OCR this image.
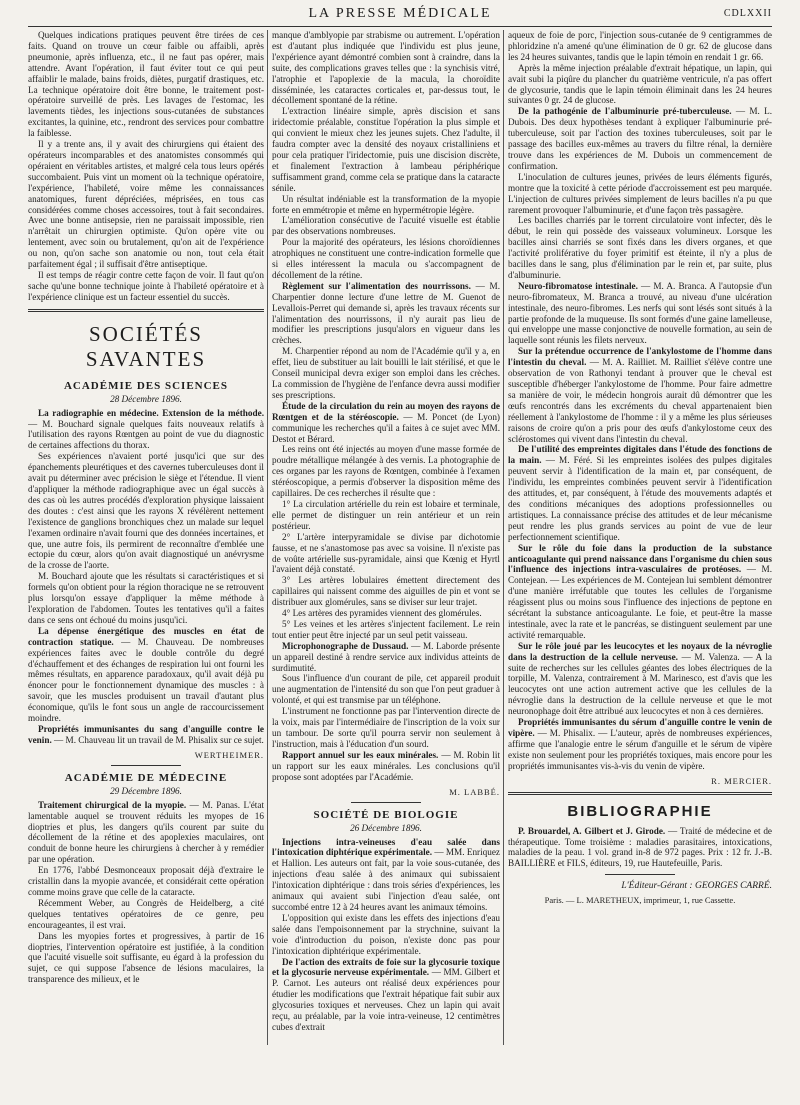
LA PRESSE MÉDICALE	CDLXXII

Quelques indications pratiques peuvent être tirées de ces faits. Quand on trouve un cœur faible ou affaibli, après pneumonie, après influenza, etc., il ne faut pas opérer, mais attendre. Avant l'opération, il faut éviter tout ce qui peut affaiblir le malade, bains froids, diètes, purgatif drastiques, etc. La technique opératoire doit être bonne, le traitement post-opératoire surveillé de près. Les lavages de l'estomac, les lavements tièdes, les injections sous-cutanées de substances excitantes, la quinine, etc., rendront des services pour combattre la faiblesse.

Il y a trente ans, il y avait des chirurgiens qui étaient des opérateurs incomparables et des anatomistes consommés qui opéraient en véritables artistes, et malgré cela tous leurs opérés succombaient. Puis vint un moment où la technique opératoire, l'expérience, l'habileté, voire même les connaissances anatomiques, furent dépréciées, méprisées, en tous cas considérées comme choses accessoires, tout à fait secondaires. Avec une bonne antisepsie, rien ne paraissait impossible, rien n'arrêtait un chirurgien optimiste. Qu'on opère vite ou lentement, avec soin ou brutalement, qu'on ait de l'expérience ou non, qu'on sache son anatomie ou non, tout cela était parfaitement égal ; il suffisait d'être antiseptique.

Il est temps de réagir contre cette façon de voir. Il faut qu'on sache qu'une bonne technique jointe à l'habileté opératoire et à l'expérience clinique est un facteur essentiel du succès.

SOCIÉTÉS SAVANTES
ACADÉMIE DES SCIENCES
28 Décembre 1896.

La radiographie en médecine. Extension de la méthode. — M. Bouchard signale quelques faits nouveaux relatifs à l'utilisation des rayons Rœntgen au point de vue du diagnostic de certaines affections du thorax.

Ses expériences n'avaient porté jusqu'ici que sur des épanchements pleurétiques et des cavernes tuberculeuses dont il avait pu déterminer avec précision le siège et l'étendue. Il vient d'appliquer la méthode radiographique avec un égal succès à des cas où les autres procédés d'exploration physique laissaient des doutes : c'est ainsi que les rayons X révélèrent nettement l'existence de ganglions bronchiques chez un malade sur lequel l'examen ordinaire n'avait fourni que des données incertaines, et que, une autre fois, ils permirent de reconnaître d'emblée une ectopie du cœur, alors qu'on avait diagnostiqué un anévrysme de la crosse de l'aorte.

M. Bouchard ajoute que les résultats si caractéristiques et si formels qu'on obtient pour la région thoracique ne se retrouvent plus lorsqu'on essaye d'appliquer la même méthode à l'exploration de l'abdomen. Toutes les tentatives qu'il a faites dans ce sens ont échoué du moins jusqu'ici.

La dépense énergétique des muscles en état de contraction statique. — M. Chauveau. De nombreuses expériences faites avec le double contrôle du degré d'échauffement et des échanges de respiration lui ont fourni les mêmes résultats, en apparence paradoxaux, qu'il avait déjà pu énoncer pour le fonctionnement dynamique des muscles : à savoir, que les muscles produisent un travail d'autant plus économique, qu'ils le font sous un angle de raccourcissement moindre.

Propriétés immunisantes du sang d'anguille contre le venin. — M. Chauveau lit un travail de M. Phisalix sur ce sujet.

WERTHEIMER.
ACADÉMIE DE MÉDECINE
29 Décembre 1896.

Traitement chirurgical de la myopie. — M. Panas. L'état lamentable auquel se trouvent réduits les myopes de 16 dioptries et plus, les dangers qu'ils courent par suite du décollement de la rétine et des apoplexies maculaires, ont conduit de bonne heure les chirurgiens à chercher à y remédier par une opération.

En 1776, l'abbé Desmonceaux proposait déjà d'extraire le cristallin dans la myopie avancée, et considérait cette opération comme moins grave que celle de la cataracte.

Récemment Weber, au Congrès de Heidelberg, a cité quelques tentatives opératoires de ce genre, peu encourageantes, il est vrai.

Dans les myopies fortes et progressives, à partir de 16 dioptries, l'intervention opératoire est justifiée, à la condition que l'acuité visuelle soit suffisante, eu égard à la profession du sujet, ce qui suppose l'absence de lésions maculaires, la transparence des milieux, et le

manque d'amblyopie par strabisme ou autrement. L'opération est d'autant plus indiquée que l'individu est plus jeune, l'expérience ayant démontré combien sont à craindre, dans la suite, des complications graves telles que : la synchisis vitré, l'atrophie et l'apoplexie de la macula, la choroïdite disséminée, les cataractes corticales et, par-dessus tout, le décollement spontané de la rétine.

L'extraction linéaire simple, après discision et sans iridectomie préalable, constitue l'opération la plus simple et qui convient le mieux chez les jeunes sujets. Chez l'adulte, il faudra compter avec la densité des noyaux cristalliniens et pour cela pratiquer l'iridectomie, puis une discision discrète, et finalement l'extraction à lambeau périphérique suffisamment grand, comme cela se pratique dans la cataracte sénile.

Un résultat indéniable est la transformation de la myopie forte en emmétropie et même en hypermétropie légère.

L'amélioration consécutive de l'acuité visuelle est établie par des observations nombreuses.

Pour la majorité des opérateurs, les lésions choroïdiennes atrophiques ne constituent une contre-indication formelle que si elles intéressent la macula ou s'accompagnent de décollement de la rétine.

Règlement sur l'alimentation des nourrissons. — M. Charpentier donne lecture d'une lettre de M. Guenot de Levallois-Perret qui demande si, après les travaux récents sur l'alimentation des nourrissons, il n'y aurait pas lieu de modifier les prescriptions jusqu'alors en vigueur dans les crèches.

M. Charpentier répond au nom de l'Académie qu'il y a, en effet, lieu de substituer au lait bouilli le lait stérilisé, et que le Conseil municipal devra exiger son emploi dans les crèches. La commission de l'hygiène de l'enfance devra aussi modifier ses prescriptions.

Étude de la circulation du rein au moyen des rayons de Rœntgen et de la stéréoscopie. — M. Poncet (de Lyon) communique les recherches qu'il a faites à ce sujet avec MM. Destot et Bérard.

Les reins ont été injectés au moyen d'une masse formée de poudre métallique mélangée à des vernis. La photographie de ces organes par les rayons de Rœntgen, combinée à l'examen stéréoscopique, a permis d'observer la disposition même des capillaires. De ces recherches il résulte que :

1° La circulation artérielle du rein est lobaire et terminale, elle permet de distinguer un rein antérieur et un rein postérieur.

2° L'artère interpyramidale se divise par dichotomie fausse, et ne s'anastomose pas avec sa voisine. Il n'existe pas de voûte artérielle sus-pyramidale, ainsi que Kœnig et Hyrtl l'avaient déjà constaté.

3° Les artères lobulaires émettent directement des capillaires qui naissent comme des aiguilles de pin et vont se distribuer aux glomérules, sans se diviser sur leur trajet.

4° Les artères des pyramides viennent des glomérules.

5° Les veines et les artères s'injectent facilement. Le rein tout entier peut être injecté par un seul petit vaisseau.

Microphonographe de Dussaud. — M. Laborde présente un appareil destiné à rendre service aux individus atteints de surdimutité.

Sous l'influence d'un courant de pile, cet appareil produit une augmentation de l'intensité du son que l'on peut graduer à volonté, et qui est transmise par un téléphone.

L'instrument ne fonctionne pas par l'intervention directe de la voix, mais par l'intermédiaire de l'inscription de la voix sur un tambour. De sorte qu'il pourra servir non seulement à l'instruction, mais à l'éducation d'un sourd.

Rapport annuel sur les eaux minérales. — M. Robin lit un rapport sur les eaux minérales. Les conclusions qu'il propose sont adoptées par l'Académie.

M. LABBÉ.
SOCIÉTÉ DE BIOLOGIE
26 Décembre 1896.

Injections intra-veineuses d'eau salée dans l'intoxication diphtérique expérimentale. — MM. Enriquez et Hallion. Les auteurs ont fait, par la voie sous-cutanée, des injections d'eau salée à des animaux qui subissaient l'intoxication diphtérique : dans trois séries d'expériences, les animaux qui avaient subi l'injection d'eau salée, ont succombé entre 12 à 24 heures avant les animaux témoins.

L'opposition qui existe dans les effets des injections d'eau salée dans l'empoisonnement par la strychnine, suivant la voie d'introduction du poison, n'existe donc pas pour l'intoxication diphtérique expérimentale.

De l'action des extraits de foie sur la glycosurie toxique et la glycosurie nerveuse expérimentale. — MM. Gilbert et P. Carnot. Les auteurs ont réalisé deux expériences pour étudier les modifications que l'extrait hépatique fait subir aux glycosuries toxiques et nerveuses. Chez un lapin qui avait reçu, au préalable, par la voie intra-veineuse, 12 centimètres cubes d'extrait

aqueux de foie de porc, l'injection sous-cutanée de 9 centigrammes de phloridzine n'a amené qu'une élimination de 0 gr. 62 de glucose dans les 24 heures suivantes, tandis que le lapin témoin en rendait 1 gr. 66.

Après la même injection préalable d'extrait hépatique, un lapin, qui avait subi la piqûre du plancher du quatrième ventricule, n'a pas offert de glycosurie, tandis que le lapin témoin éliminait dans les 24 heures suivantes 0 gr. 24 de glucose.

De la pathogénie de l'albuminurie pré-tuberculeuse. — M. L. Dubois. Des deux hypothèses tendant à expliquer l'albuminurie pré-tuberculeuse, soit par l'action des toxines tuberculeuses, soit par le passage des bacilles eux-mêmes au travers du filtre rénal, la dernière trouve dans les expériences de M. Dubois un commencement de confirmation.

L'inoculation de cultures jeunes, privées de leurs éléments figurés, montre que la toxicité à cette période d'accroissement est peu marquée. L'injection de cultures privées simplement de leurs bacilles n'a pu que rarement provoquer l'albuminurie, et d'une façon très passagère.

Les bacilles charriés par le torrent circulatoire vont infecter, dès le début, le rein qui possède des vaisseaux volumineux. Lorsque les bacilles ainsi charriés se sont fixés dans les divers organes, et que l'activité proliférative du foyer primitif est éteinte, il n'y a plus de bacilles dans le sang, plus d'élimination par le rein et, par suite, plus d'albuminurie.

Neuro-fibromatose intestinale. — M. A. Branca. A l'autopsie d'un neuro-fibromateux, M. Branca a trouvé, au niveau d'une ulcération intestinale, des neuro-fibromes. Les nerfs qui sont lésés sont situés à la partie profonde de la muqueuse. Ils sont formés d'une gaine lamelleuse, qui enveloppe une masse conjonctive de nouvelle formation, au sein de laquelle sont réunis les filets nerveux.

Sur la prétendue occurrence de l'ankylostome de l'homme dans l'intestin du cheval. — M. A. Railliet. M. Railliet s'élève contre une observation de von Rathonyi tendant à prouver que le cheval est susceptible d'héberger l'ankylostome de l'homme. Pour faire admettre sa manière de voir, le médecin hongrois aurait dû démontrer que les œufs rencontrés dans les excréments du cheval appartenaient bien réellement à l'ankylostome de l'homme : il y a même les plus sérieuses raisons de croire qu'on a pris pour des œufs d'ankylostome ceux des sclérostomes qui vivent dans l'intestin du cheval.

De l'utilité des empreintes digitales dans l'étude des fonctions de la main. — M. Féré. Si les empreintes isolées des pulpes digitales peuvent servir à l'identification de la main et, par conséquent, de l'individu, les empreintes combinées peuvent servir à l'identification des attitudes, et, par conséquent, à l'étude des mouvements adaptés et des conditions mécaniques des adoptions professionnelles ou artistiques. La connaissance précise des attitudes et de leur mécanisme peut rendre les plus grands services au point de vue de leur perfectionnement scientifique.

Sur le rôle du foie dans la production de la substance anticoagulante qui prend naissance dans l'organisme du chien sous l'influence des injections intra-vasculaires de protéoses. — M. Contejean. — Les expériences de M. Contejean lui semblent démontrer d'une manière irréfutable que toutes les cellules de l'organisme réagissent plus ou moins sous l'influence des injections de peptone en sécrétant la substance anticoagulante. Le foie, et peut-être la masse intestinale, avec la rate et le pancréas, se distinguent seulement par une activité remarquable.

Sur le rôle joué par les leucocytes et les noyaux de la névroglie dans la destruction de la cellule nerveuse. — M. Valenza. — A la suite de recherches sur les cellules géantes des lobes électriques de la torpille, M. Valenza, contrairement à M. Marinesco, est d'avis que les leucocytes ont une action autrement active que les cellules de la névroglie dans la destruction de la cellule nerveuse et que le mot neuronophage doit être attribué aux leucocytes et non à ces dernières.

Propriétés immunisantes du sérum d'anguille contre le venin de vipère. — M. Phisalix. — L'auteur, après de nombreuses expériences, affirme que l'analogie entre le sérum d'anguille et le sérum de vipère existe non seulement pour les propriétés toxiques, mais encore pour les propriétés immunisantes vis-à-vis du venin de vipère.

R. MERCIER.
BIBLIOGRAPHIE

P. Brouardel, A. Gilbert et J. Girode. — Traité de médecine et de thérapeutique. Tome troisième : maladies parasitaires, intoxications, maladies de la peau. 1 vol. grand in-8 de 972 pages. Prix : 12 fr. J.-B. BAILLIÈRE et FILS, éditeurs, 19, rue Hautefeuille, Paris.

L'Éditeur-Gérant : GEORGES CARRÉ.
Paris. — L. MARETHEUX, imprimeur, 1, rue Cassette.
